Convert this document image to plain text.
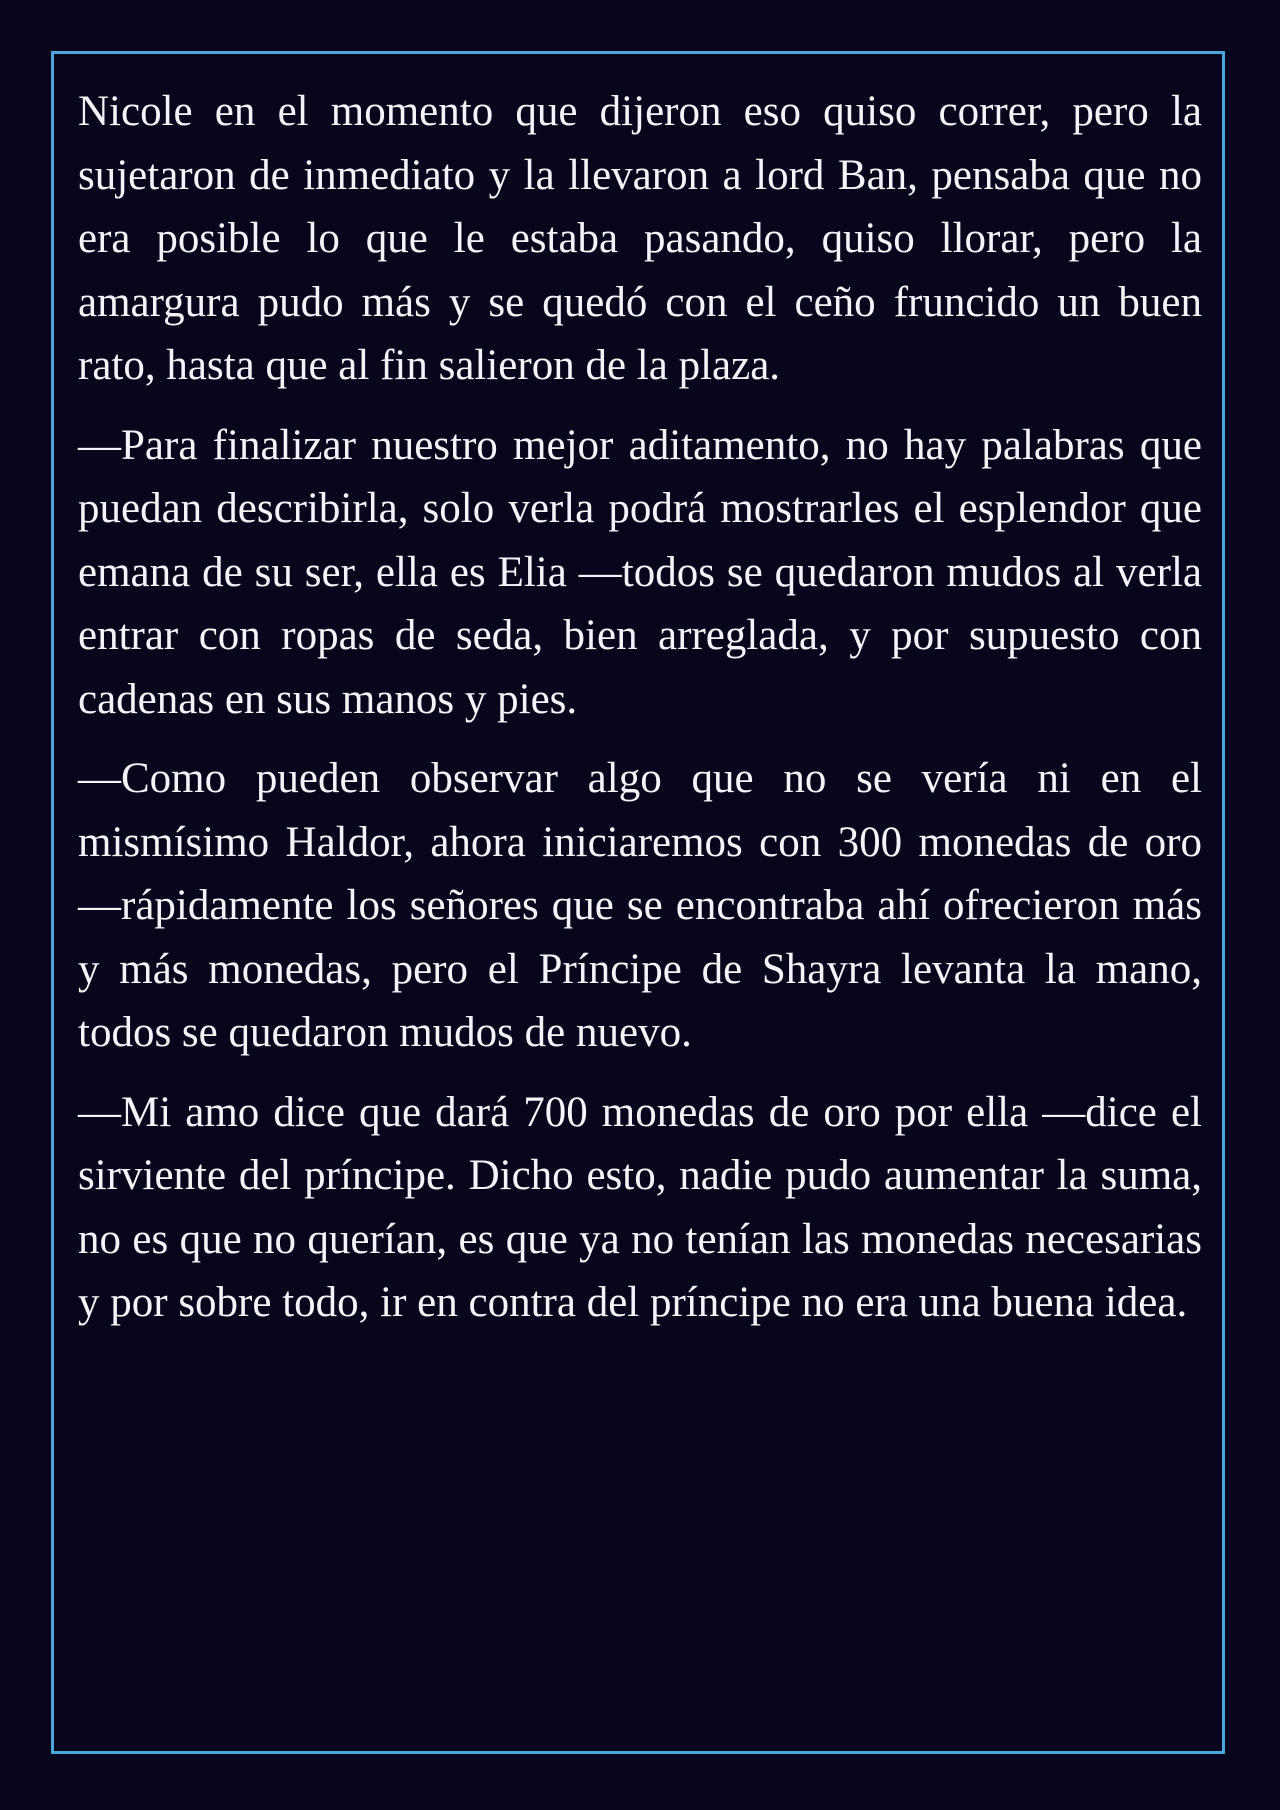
Nicole en el momento que dijeron eso quiso correr, pero la sujetaron de inmediato y la llevaron a lord Ban, pensaba que no era posible lo que le estaba pasando, quiso llorar, pero la amargura pudo más y se quedó con el ceño fruncido un buen rato, hasta que al fin salieron de la plaza.

—Para finalizar nuestro mejor aditamento, no hay palabras que puedan describirla, solo verla podrá mostrarles el esplendor que emana de su ser, ella es Elia —todos se quedaron mudos al verla entrar con ropas de seda, bien arreglada, y por supuesto con cadenas en sus manos y pies.

—Como pueden observar algo que no se vería ni en el mismísimo Haldor, ahora iniciaremos con 300 monedas de oro —rápidamente los señores que se encontraba ahí ofrecieron más y más monedas, pero el Príncipe de Shayra levanta la mano, todos se quedaron mudos de nuevo.

—Mi amo dice que dará 700 monedas de oro por ella —dice el sirviente del príncipe. Dicho esto, nadie pudo aumentar la suma, no es que no querían, es que ya no tenían las monedas necesarias y por sobre todo, ir en contra del príncipe no era una buena idea.
